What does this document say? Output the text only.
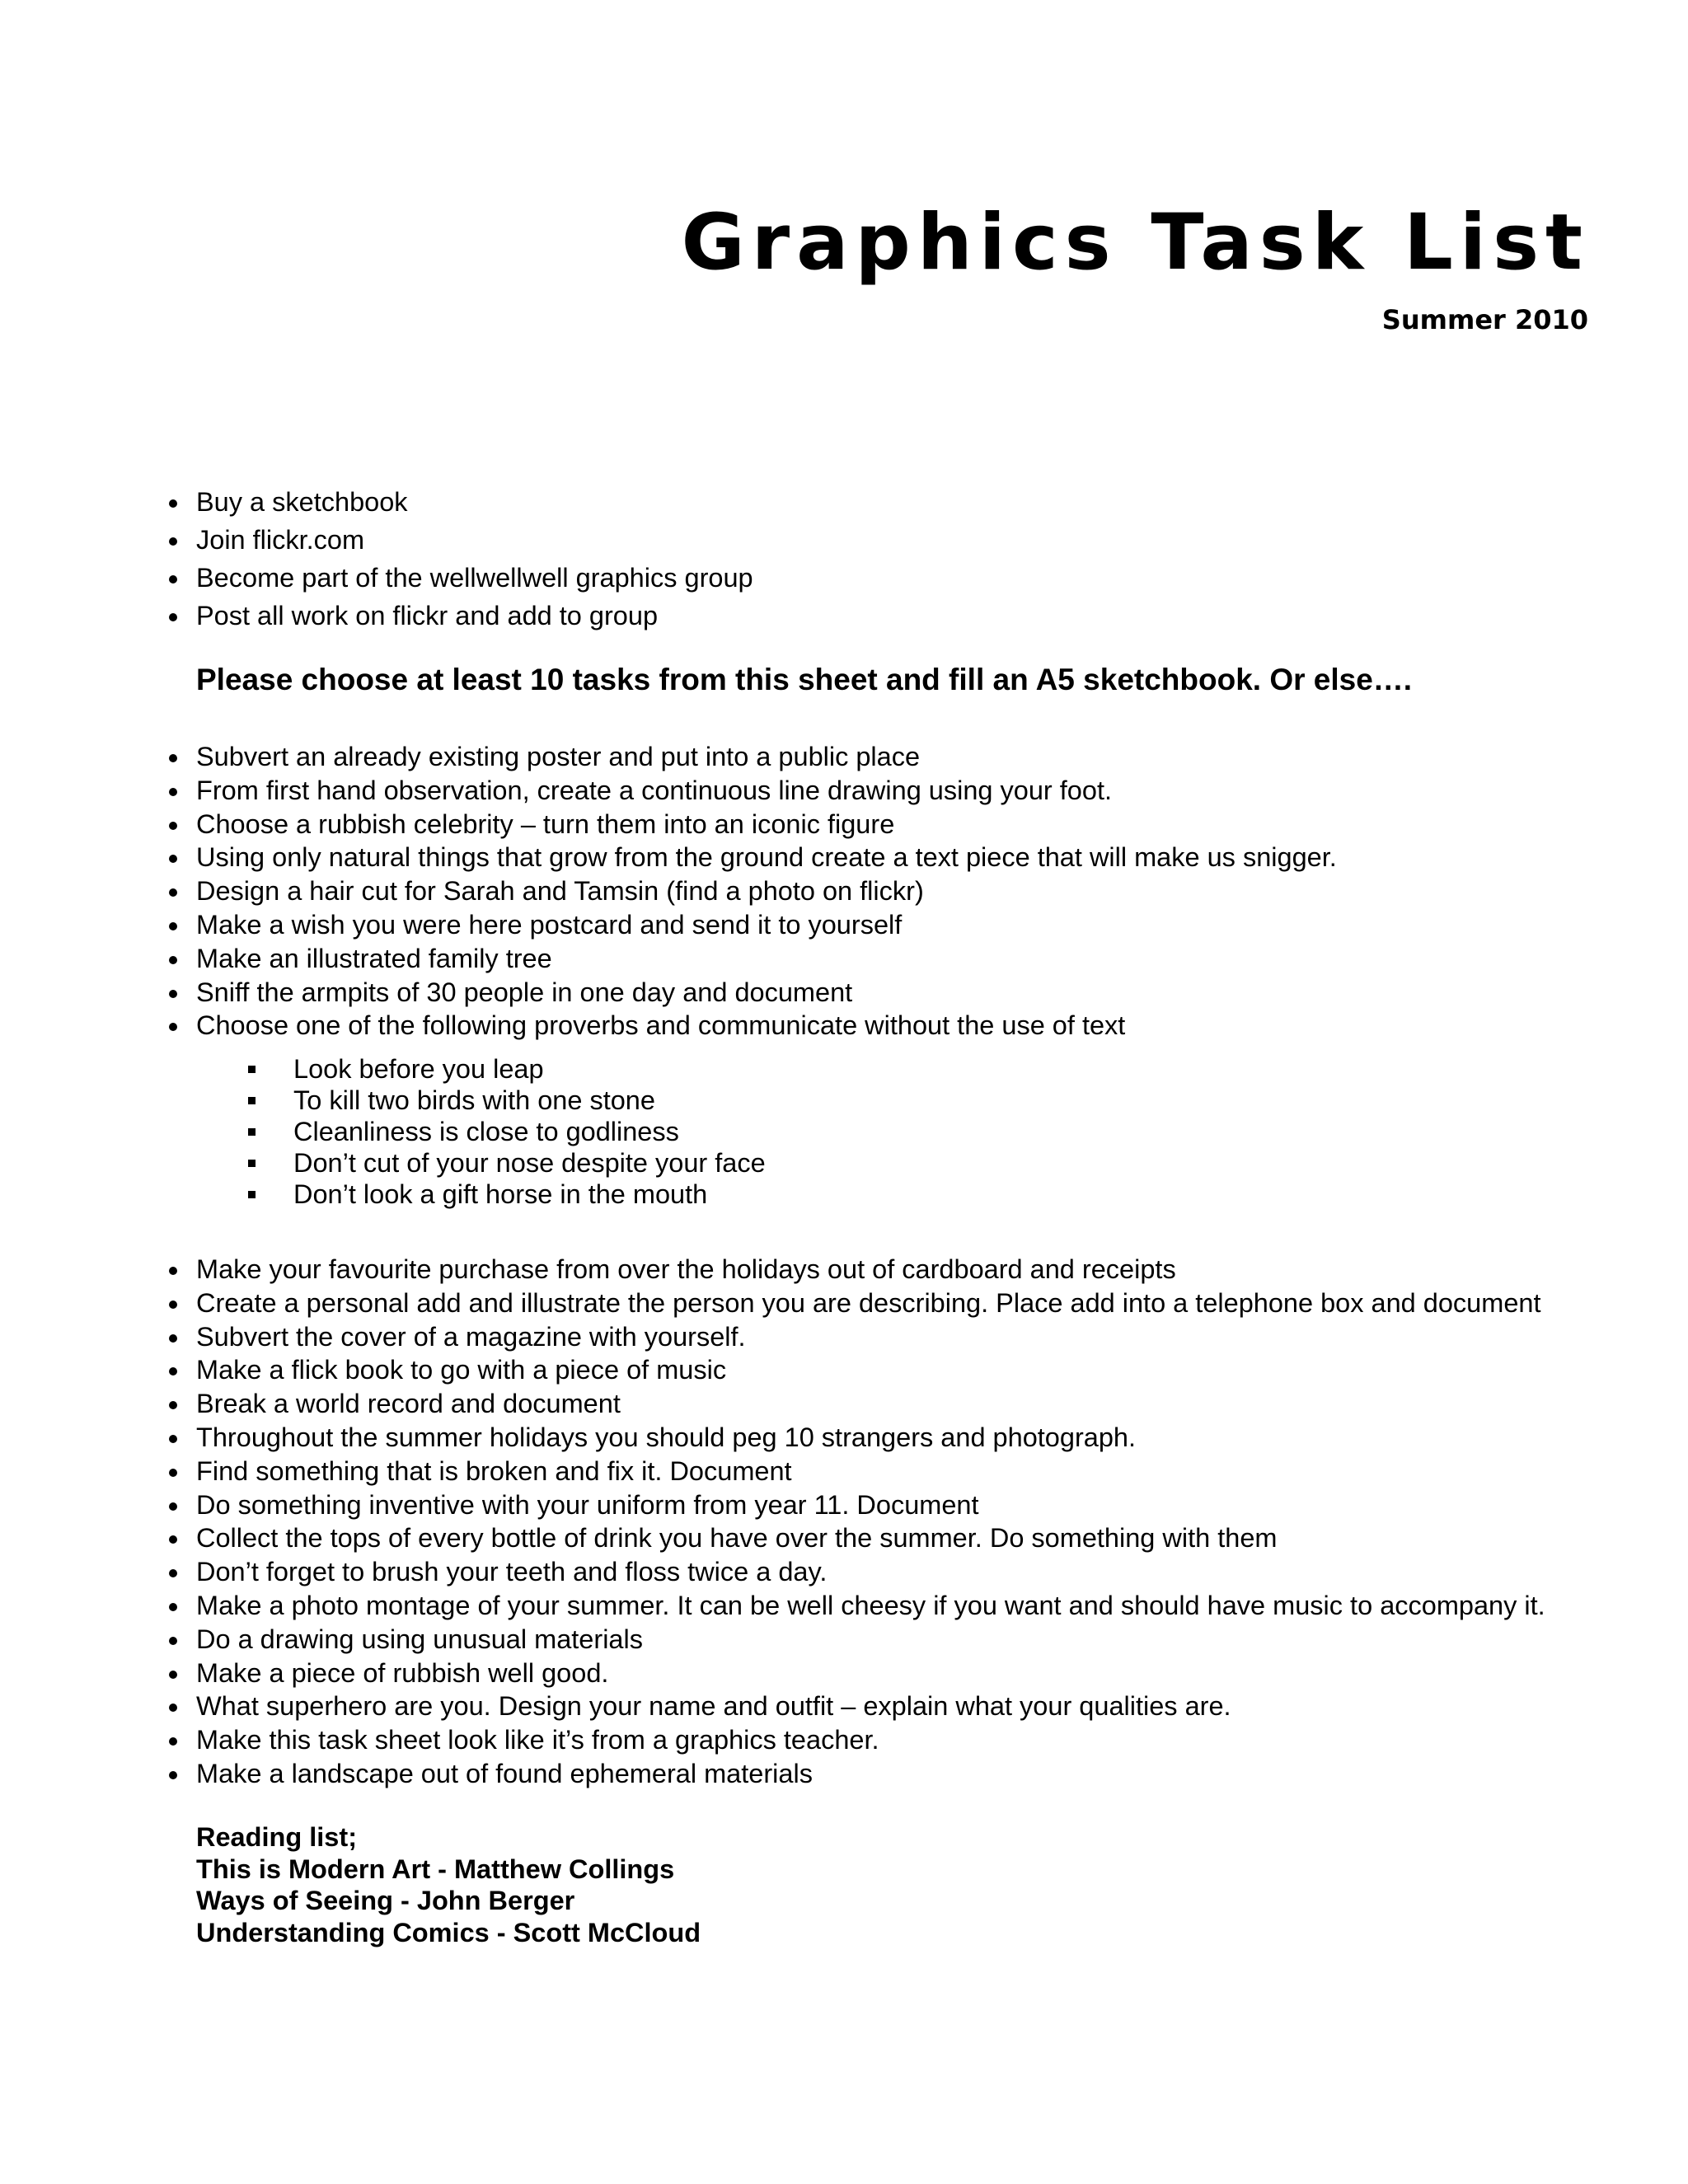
Graphics Task List
Summer 2010
Buy a sketchbook
Join flickr.com
Become part of the wellwellwell graphics group
Post all work on flickr and add to group
Please choose at least 10 tasks from this sheet and fill an A5 sketchbook. Or else….
Subvert an already existing poster and put into a public place
From first hand observation, create a continuous line drawing using your foot.
Choose a rubbish celebrity – turn them into an iconic figure
Using only natural things that grow from the ground create a text piece that will make us snigger.
Design a hair cut for Sarah and Tamsin (find a photo on flickr)
Make a wish you were here postcard and send it to yourself
Make an illustrated family tree
Sniff the armpits of 30 people in one day and document
Choose one of the following proverbs and communicate without the use of text
Look before you leap
To kill two birds with one stone
Cleanliness is close to godliness
Don’t cut of your nose despite your face
Don’t look a gift horse in the mouth
Make your favourite purchase from over the holidays out of cardboard and receipts
Create a personal add and illustrate the person you are describing. Place add into a telephone box and document
Subvert the cover of a magazine with yourself.
Make a flick book to go with a piece of music
Break a world record and document
Throughout the summer holidays you should peg 10 strangers and photograph.
Find something that is broken and fix it. Document
Do something inventive with your uniform from year 11. Document
Collect the tops of every bottle of drink you have over the summer. Do something with them
Don’t forget to brush your teeth and floss twice a day.
Make a photo montage of your summer. It can be well cheesy if you want and should have music to accompany it.
Do a drawing using unusual materials
Make a piece of rubbish well good.
What superhero are you. Design your name and outfit – explain what your qualities are.
Make this task sheet look like it’s from a graphics teacher.
Make a landscape out of found ephemeral materials
Reading list;
This is Modern Art - Matthew Collings
Ways of Seeing - John Berger
Understanding Comics - Scott McCloud
